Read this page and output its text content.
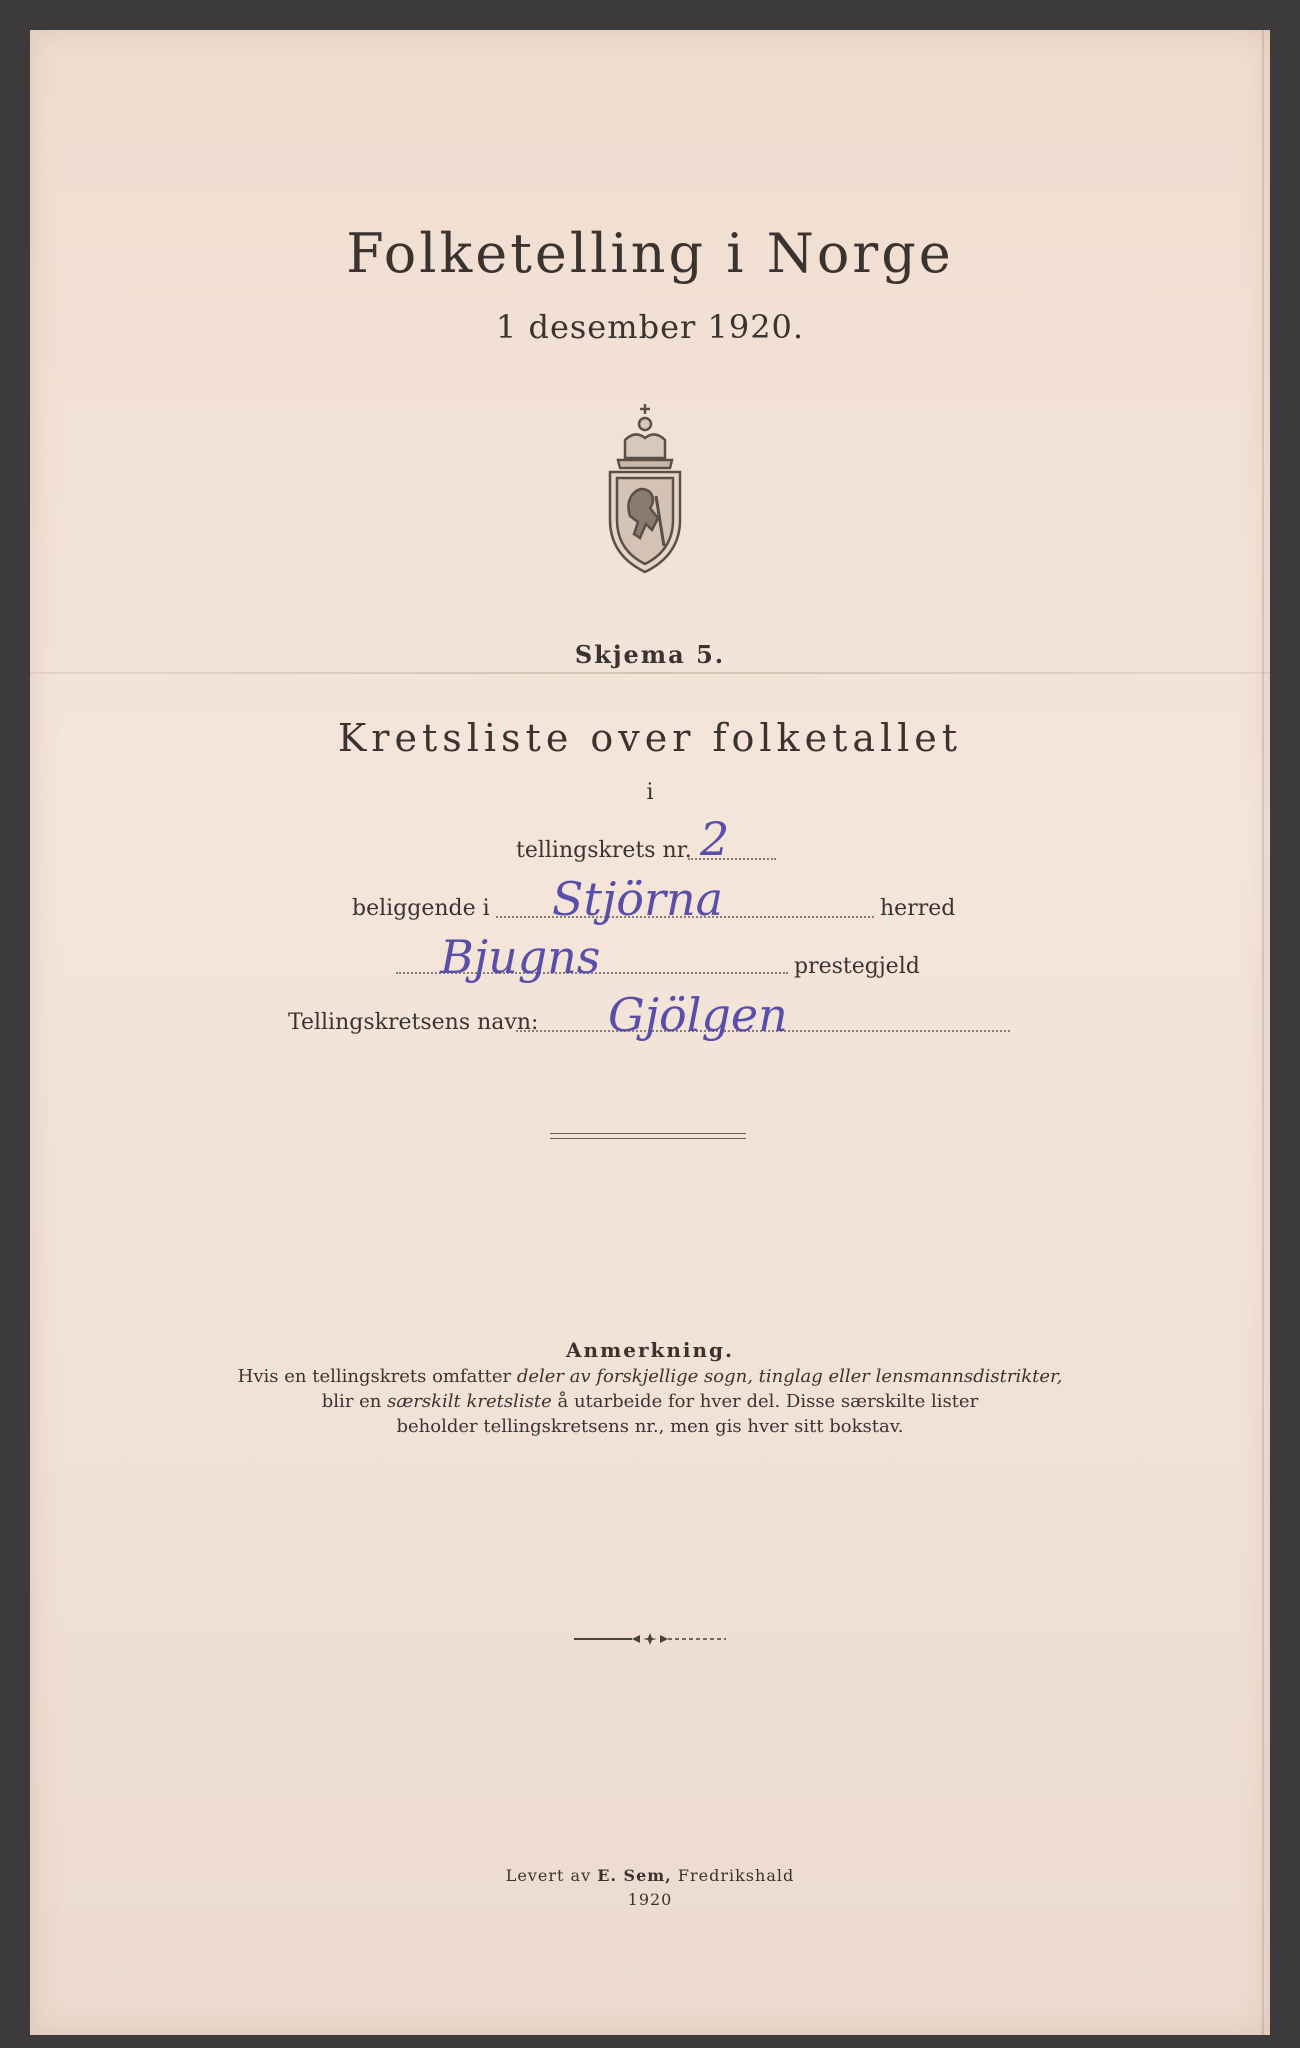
Folketelling i Norge
1 desember 1920.
Skjema 5.
Kretsliste over folketallet
i
tellingskrets nr. 2
beliggende i Stjörna	herred
Bjugns	prestegjeld
Tellingskretsens navn: Gjölgen
Anmerkning.
Hvis en tellingskrets omfatter deler av forskjellige sogn, tinglag eller lensmannsdistrikter,
blir en særskilt kretsliste å utarbeide for hver del. Disse særskilte lister
beholder tellingskretsens nr., men gis hver sitt bokstav.
Levert av E. Sem, Fredrikshald
1920
